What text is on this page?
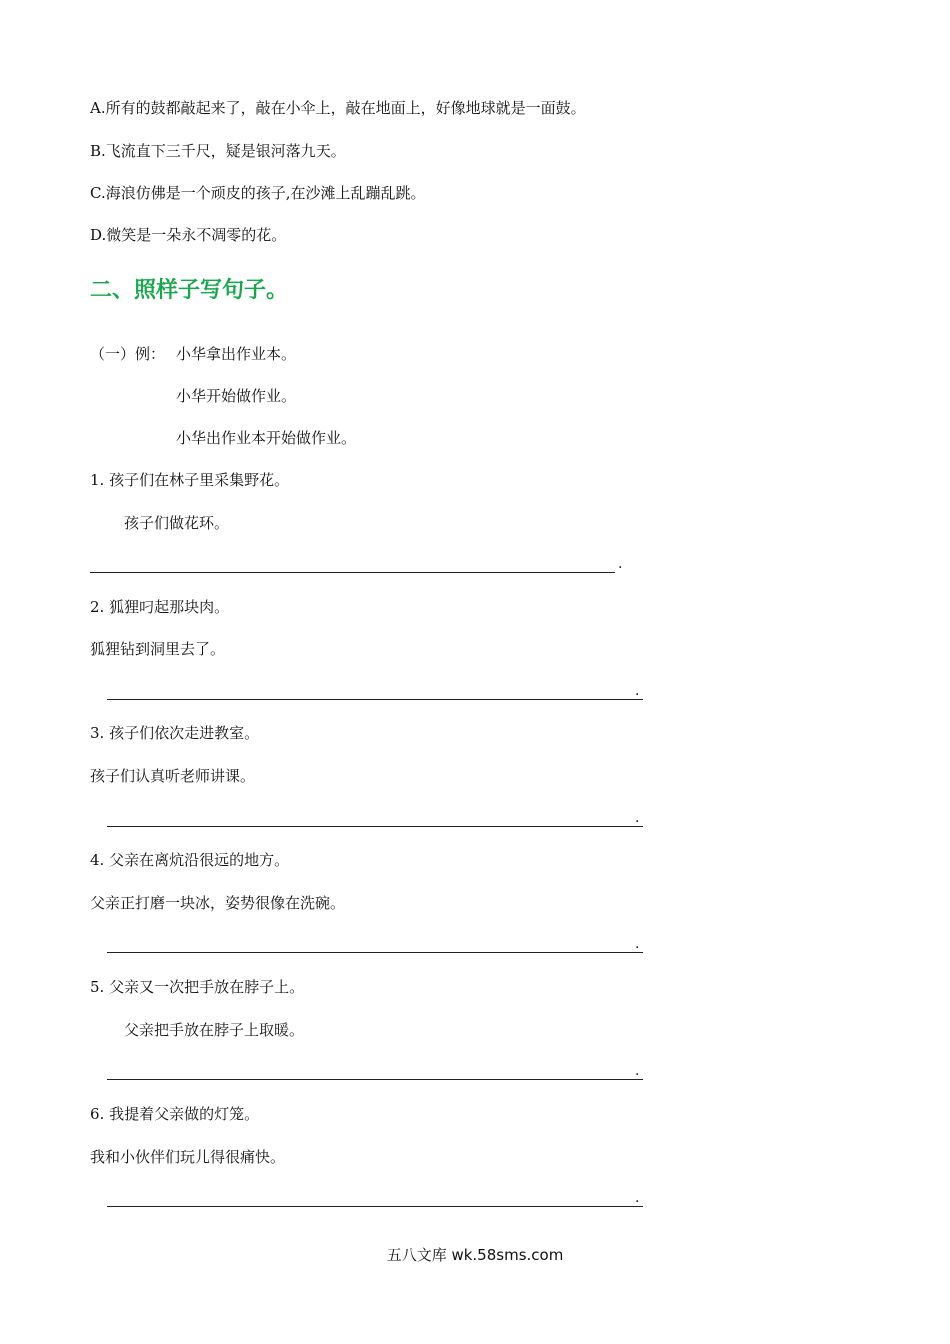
A.所有的鼓都敲起来了，敲在小伞上，敲在地面上，好像地球就是一面鼓。
B.飞流直下三千尺，疑是银河落九天。
C.海浪仿佛是一个顽皮的孩子,在沙滩上乱蹦乱跳。
D.微笑是一朵永不凋零的花。
二、照样子写句子。
（一）例： 小华拿出作业本。
小华开始做作业。
小华出作业本开始做作业。
1. 孩子们在林子里采集野花。
孩子们做花环。
.
2. 狐狸叼起那块肉。
狐狸钻到洞里去了。
.
3. 孩子们依次走进教室。
孩子们认真听老师讲课。
.
4. 父亲在离炕沿很远的地方。
父亲正打磨一块冰，姿势很像在洗碗。
.
5. 父亲又一次把手放在脖子上。
父亲把手放在脖子上取暖。
.
6. 我提着父亲做的灯笼。
我和小伙伴们玩儿得很痛快。
.
五八文库 wk.58sms.com
